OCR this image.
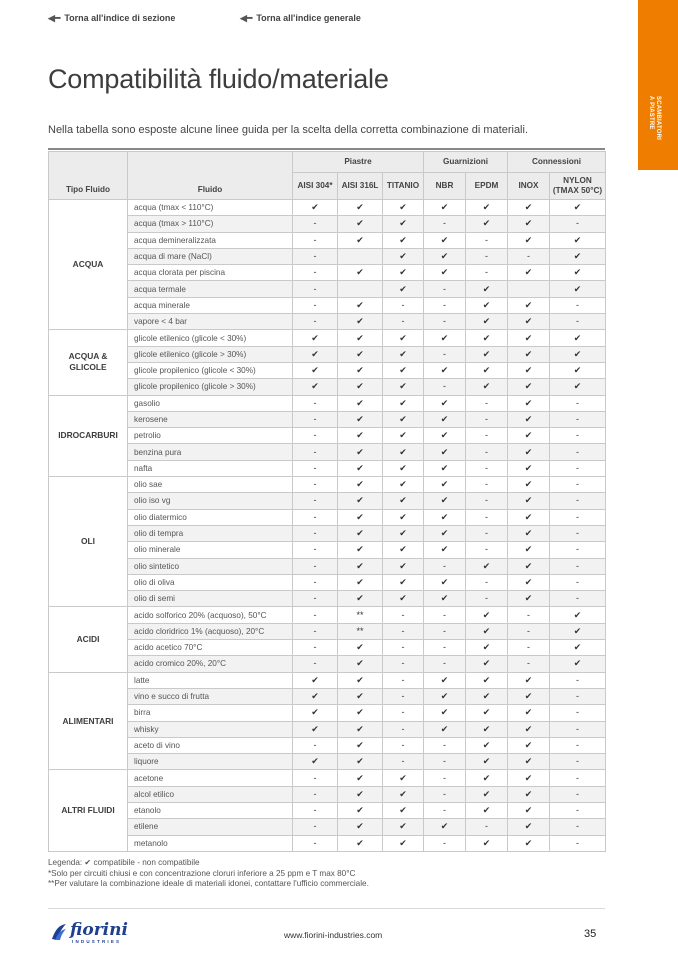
◀━ Torna all'indice di sezione	◀━ Torna all'indice generale
SCAMBIATORI
A PIASTRE
Compatibilità fluido/materiale
Nella tabella sono esposte alcune linee guida per la scelta della corretta combinazione di materiali.
Tipo Fluido	Fluido	Piastre			Guarnizioni		Connessioni	
		AISI 304*	AISI 316L	TITANIO	NBR	EPDM	INOX	NYLON (TMAX 50°C)
ACQUA	acqua (tmax < 110°C)	✔	✔	✔	✔	✔	✔	✔
	acqua (tmax > 110°C)	-	✔	✔	-	✔	✔	-
	acqua demineralizzata	-	✔	✔	✔	-	✔	✔
	acqua di mare (NaCl)	-		✔	✔	-	-	✔
	acqua clorata per piscina	-	✔	✔	✔	-	✔	✔
	acqua termale	-		✔	-	✔		✔
	acqua minerale	-	✔	-	-	✔	✔	-
	vapore < 4 bar	-	✔	-	-	✔	✔	-
ACQUA & GLICOLE	glicole etilenico (glicole < 30%)	✔	✔	✔	✔	✔	✔	✔
	glicole etilenico (glicole > 30%)	✔	✔	✔	-	✔	✔	✔
	glicole propilenico (glicole < 30%)	✔	✔	✔	✔	✔	✔	✔
	glicole propilenico (glicole > 30%)	✔	✔	✔	-	✔	✔	✔
IDROCARBURI	gasolio	-	✔	✔	✔	-	✔	-
	kerosene	-	✔	✔	✔	-	✔	-
	petrolio	-	✔	✔	✔	-	✔	-
	benzina pura	-	✔	✔	✔	-	✔	-
	nafta	-	✔	✔	✔	-	✔	-
OLI	olio sae	-	✔	✔	✔	-	✔	-
	olio iso vg	-	✔	✔	✔	-	✔	-
	olio diatermico	-	✔	✔	✔	-	✔	-
	olio di tempra	-	✔	✔	✔	-	✔	-
	olio minerale	-	✔	✔	✔	-	✔	-
	olio sintetico	-	✔	✔	-	✔	✔	-
	olio di oliva	-	✔	✔	✔	-	✔	-
	olio di semi	-	✔	✔	✔	-	✔	-
ACIDI	acido solforico 20% (acquoso), 50°C	-	**	-	-	✔	-	✔
	acido cloridrico 1% (acquoso), 20°C	-	**	-	-	✔	-	✔
	acido acetico 70°C	-	✔	-	-	✔	-	✔
	acido cromico 20%, 20°C	-	✔	-	-	✔	-	✔
ALIMENTARI	latte	✔	✔	-	✔	✔	✔	-
	vino e succo di frutta	✔	✔	-	✔	✔	✔	-
	birra	✔	✔	-	✔	✔	✔	-
	whisky	✔	✔	-	✔	✔	✔	-
	aceto di vino	-	✔	-	-	✔	✔	-
	liquore	✔	✔	-	-	✔	✔	-
ALTRI FLUIDI	acetone	-	✔	✔	-	✔	✔	-
	alcol etilico	-	✔	✔	-	✔	✔	-
	etanolo	-	✔	✔	-	✔	✔	-
	etilene	-	✔	✔	✔	-	✔	-
	metanolo	-	✔	✔	-	✔	✔	-
Legenda: ✔ compatibile - non compatibile
*Solo per circuiti chiusi e con concentrazione cloruri inferiore a 25 ppm e T max 80°C
**Per valutare la combinazione ideale di materiali idonei, contattare l'ufficio commerciale.
fiorini
INDUSTRIES
www.fiorini-industries.com	35
